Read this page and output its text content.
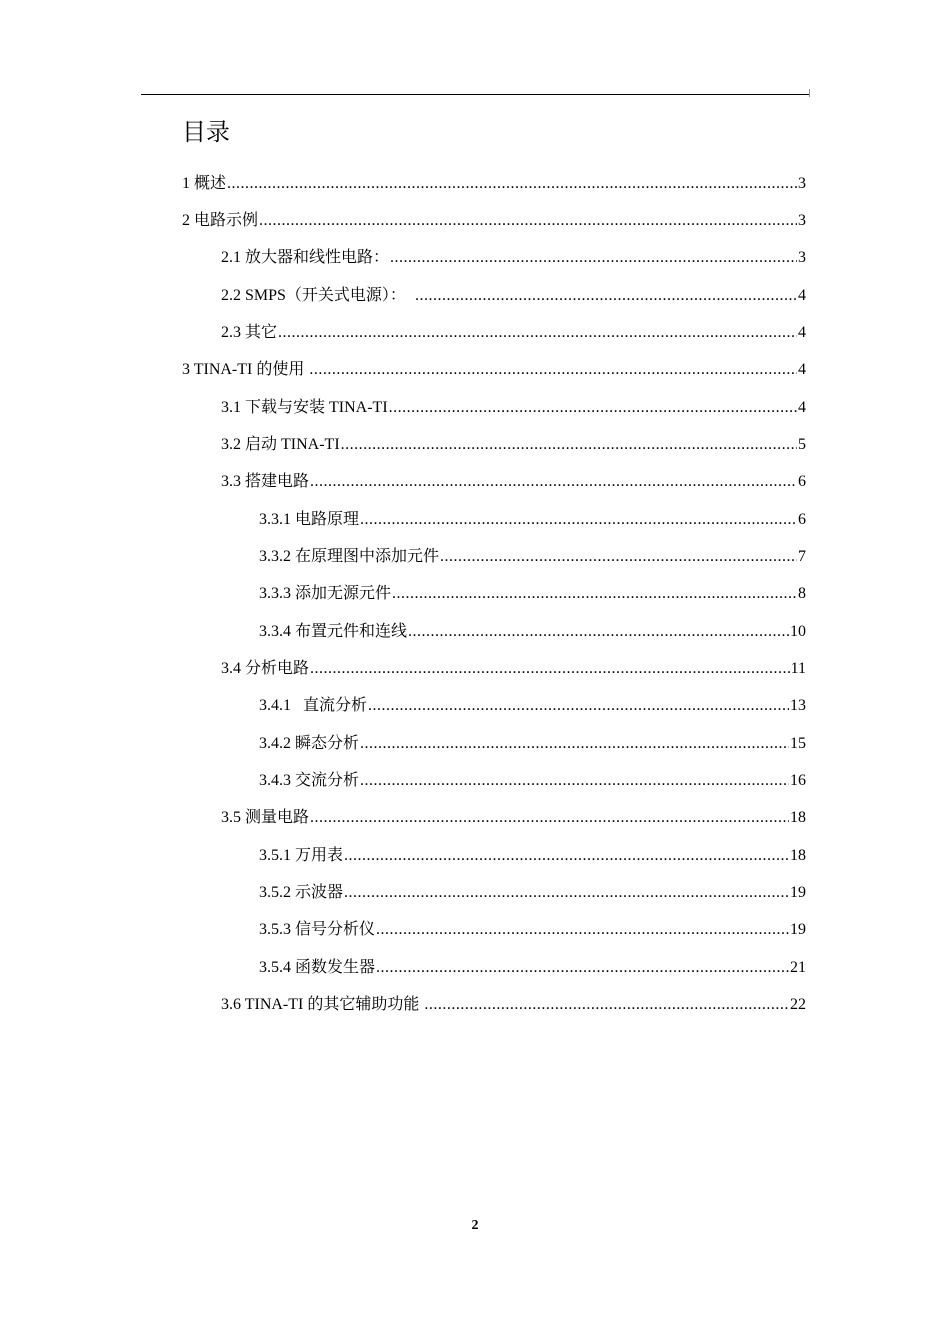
目录
1 概述 .....	3
2 电路示例 .....	3
2.1 放大器和线性电路： .....	3
2.2 SMPS（开关式电源）： .....	4
2.3 其它 .....	4
3 TINA-TI 的使用 .....	4
3.1 下载与安装 TINA-TI .....	4
3.2 启动 TINA-TI .....	5
3.3 搭建电路 .....	6
3.3.1 电路原理 .....	6
3.3.2 在原理图中添加元件 .....	7
3.3.3 添加无源元件 .....	8
3.3.4 布置元件和连线 .....	10
3.4 分析电路 .....	11
3.4.1   直流分析 .....	13
3.4.2 瞬态分析 .....	15
3.4.3 交流分析 .....	16
3.5 测量电路 .....	18
3.5.1 万用表 .....	18
3.5.2 示波器 .....	19
3.5.3 信号分析仪 .....	19
3.5.4 函数发生器 .....	21
3.6 TINA-TI 的其它辅助功能 .....	22
2
